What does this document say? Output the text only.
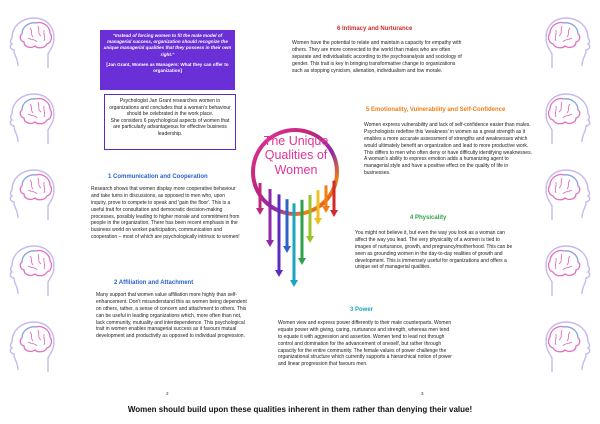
"Instead of forcing women to fit the male model of managerial success, organization should recognize the unique managerial qualities that they possess in their own right."
[Jan Grant, Women as Managers: What they can offer to organization]

Psychologist Jan Grant researches women in organizations and concludes that a woman's behaviour should be celebrated in the work place.

She considers 6 psychological aspects of women that are particularly advantageous for effective business leadership.

1 Communication and Cooperation

Research shows that women display more cooperative behaviour and take turns in discussions, as opposed to men who, upon inquiry, prove to compete to speak and 'gain the floor'. This is a useful trait for consultation and democratic decision-making processes, possibly leading to higher morale and commitment from people in the organization. There has been recent emphasis in the business world on worker participation, communication and cooperation – most of which are psychologically intrinsic to women!

2 Affiliation and Attachment

Many support that women value affiliation more highly than self-enhancement. Don't misunderstand this as women being dependent on others, rather, a sense of concern and attachment to others. This can be useful in leading organizations which, more often than not, lack community, mutuality and interdependence. This psychological trait in women enables managerial success as it favours mutual development and productivity as opposed to individual progression.

6 Intimacy and Nurturance

Women have the potential to relate and maintain a capacity for empathy with others. They are more connected to the world than males who are often separate and individualistic according to the psychoanalysis and sociology of gender. This trait is key in bringing transformative change to organizations such as stopping cynicism, alienation, individualism and low morale.

5 Emotionality, Vulnerability and Self-Confidence

Women express vulnerability and lack of self-confidence easier than males. Psychologists redefine this 'weakness' in women as a great strength as it enables a more accurate assessment of strengths and weaknesses which would ultimately benefit an organization and lead to more productive work. This differs to men who often deny or have difficulty identifying weaknesses. A woman's ability to express emotion adds a humanizing agent to managerial style and have a positive effect on the quality of life in businesses.

4 Physicality

You might not believe it, but even the way you look as a woman can affect the way you lead. The very physicality of a women is tied to images of nurturance, growth, and pregnancy/motherhood. This can be seen as grounding women in the day-to-day realities of growth and development. This is immensely useful for organizations and offers a unique set of managerial qualities.

3 Power

Women view and express power differently to their male counterparts. Women equate power with giving, caring, nurturance and strength, whereas men tend to equate it with aggression and assertion. Women tend to lead not through control and domination for the advancement of oneself, but rather through capacity for the entire community. The female values of power challenge the organizational structure which currently supports a hierarchical notion of power and linear progression that favours men.

The Unique
Qualities of
Women
2	3
Women should build upon these qualities inherent in them rather than denying their value!
